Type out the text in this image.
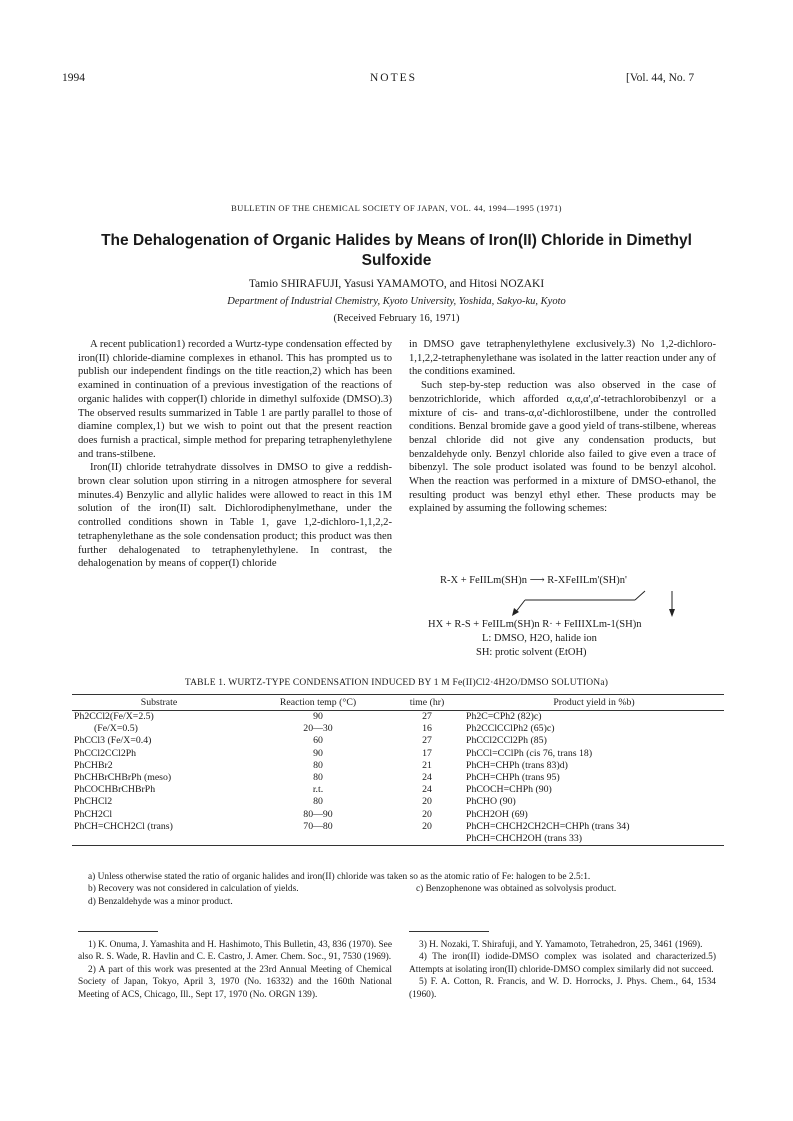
1994	NOTES	[Vol. 44, No. 7
BULLETIN OF THE CHEMICAL SOCIETY OF JAPAN, VOL. 44, 1994—1995 (1971)
The Dehalogenation of Organic Halides by Means of Iron(II) Chloride in Dimethyl Sulfoxide
Tamio SHIRAFUJI, Yasusi YAMAMOTO, and Hitosi NOZAKI
Department of Industrial Chemistry, Kyoto University, Yoshida, Sakyo-ku, Kyoto
(Received February 16, 1971)

A recent publication1) recorded a Wurtz-type condensation effected by iron(II) chloride-diamine complexes in ethanol. This has prompted us to publish our independent findings on the title reaction,2) which has been examined in continuation of a previous investigation of the reactions of organic halides with copper(I) chloride in dimethyl sulfoxide (DMSO).3) The observed results summarized in Table 1 are partly parallel to those of diamine complex,1) but we wish to point out that the present reaction does furnish a practical, simple method for preparing tetraphenylethylene and trans-stilbene.

Iron(II) chloride tetrahydrate dissolves in DMSO to give a reddish-brown clear solution upon stirring in a nitrogen atmosphere for several minutes.4) Benzylic and allylic halides were allowed to react in this 1M solution of the iron(II) salt. Dichlorodiphenylmethane, under the controlled conditions shown in Table 1, gave 1,2-dichloro-1,1,2,2-tetraphenylethane as the sole condensation product; this product was then further dehalogenated to tetraphenylethylene. In contrast, the dehalogenation by means of copper(I) chloride

in DMSO gave tetraphenylethylene exclusively.3) No 1,2-dichloro-1,1,2,2-tetraphenylethane was isolated in the latter reaction under any of the conditions examined.

Such step-by-step reduction was also observed in the case of benzotrichloride, which afforded α,α,α',α'-tetrachlorobibenzyl or a mixture of cis- and trans-α,α'-dichlorostilbene, under the controlled conditions. Benzal bromide gave a good yield of trans-stilbene, whereas benzal chloride did not give any condensation products, but benzaldehyde only. Benzyl chloride also failed to give even a trace of bibenzyl. The sole product isolated was found to be benzyl alcohol. When the reaction was performed in a mixture of DMSO-ethanol, the resulting product was benzyl ethyl ether. These products may be explained by assuming the following schemes:

R-X + FeIILm(SH)n ⟶ R-XFeIILm'(SH)n'
HX + R-S + FeIILm(SH)n R· + FeIIIXLm-1(SH)n
L: DMSO, H2O, halide ion
SH: protic solvent (EtOH)
TABLE 1. WURTZ-TYPE CONDENSATION INDUCED BY 1 M Fe(II)Cl2·4H2O/DMSO SOLUTIONa)
Substrate	Reaction temp (°C)	time (hr)	Product yield in %b)
Ph2CCl2(Fe/X=2.5)	90	27	Ph2C=CPh2 (82)c)
(Fe/X=0.5)	20—30	16	Ph2CClCClPh2 (65)c)
PhCCl3 (Fe/X=0.4)	60	27	PhCCl2CCl2Ph (85)
PhCCl2CCl2Ph	90	17	PhCCl=CClPh (cis 76, trans 18)
PhCHBr2	80	21	PhCH=CHPh (trans 83)d)
PhCHBrCHBrPh (meso)	80	24	PhCH=CHPh (trans 95)
PhCOCHBrCHBrPh	r.t.	24	PhCOCH=CHPh (90)
PhCHCl2	80	20	PhCHO (90)
PhCH2Cl	80—90	20	PhCH2OH (69)
PhCH=CHCH2Cl (trans)	70—80	20	PhCH=CHCH2CH2CH=CHPh (trans 34)
			PhCH=CHCH2OH (trans 33)
a) Unless otherwise stated the ratio of organic halides and iron(II) chloride was taken so as the atomic ratio of Fe: halogen to be 2.5:1.
b) Recovery was not considered in calculation of yields.	c) Benzophenone was obtained as solvolysis product.
d) Benzaldehyde was a minor product.

1) K. Onuma, J. Yamashita and H. Hashimoto, This Bulletin, 43, 836 (1970). See also R. S. Wade, R. Havlin and C. E. Castro, J. Amer. Chem. Soc., 91, 7530 (1969).

2) A part of this work was presented at the 23rd Annual Meeting of Chemical Society of Japan, Tokyo, April 3, 1970 (No. 16332) and the 160th National Meeting of ACS, Chicago, Ill., Sept 17, 1970 (No. ORGN 139).

3) H. Nozaki, T. Shirafuji, and Y. Yamamoto, Tetrahedron, 25, 3461 (1969).

4) The iron(II) iodide-DMSO complex was isolated and characterized.5) Attempts at isolating iron(II) chloride-DMSO complex similarly did not succeed.

5) F. A. Cotton, R. Francis, and W. D. Horrocks, J. Phys. Chem., 64, 1534 (1960).
